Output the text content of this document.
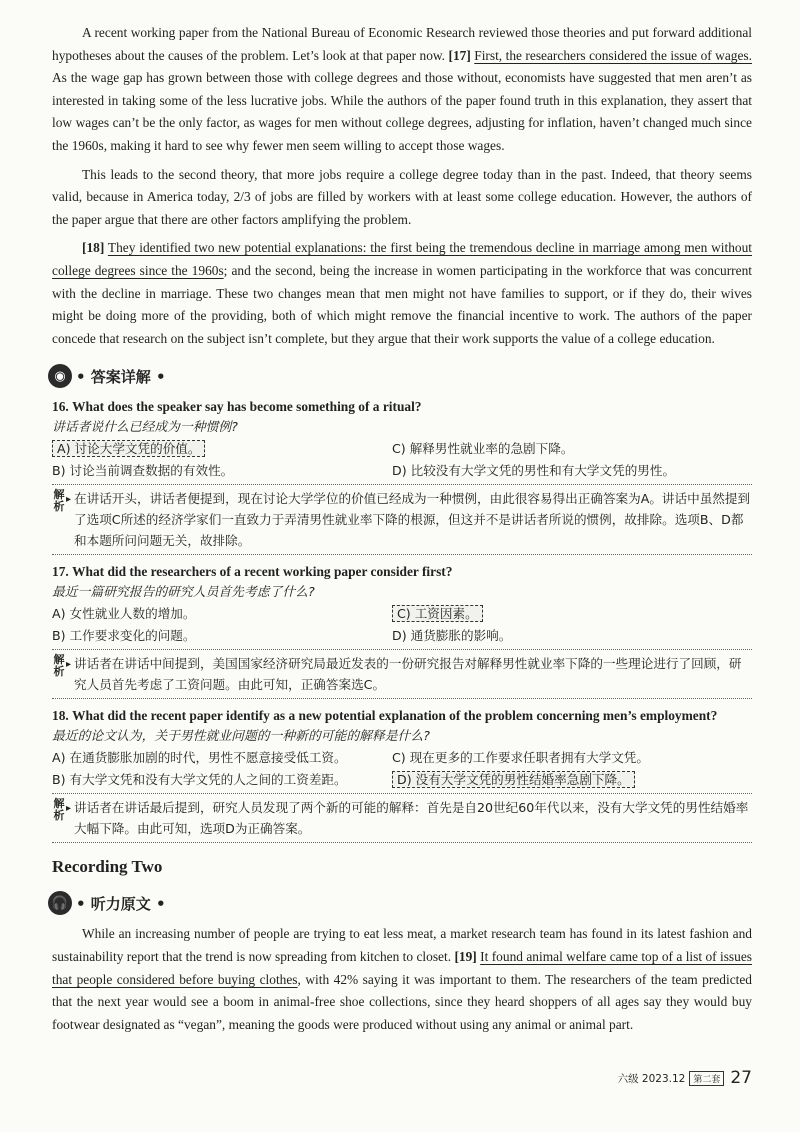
A recent working paper from the National Bureau of Economic Research reviewed those theories and put forward additional hypotheses about the causes of the problem. Let’s look at that paper now. [17] First, the researchers considered the issue of wages. As the wage gap has grown between those with college degrees and those without, economists have suggested that men aren’t as interested in taking some of the less lucrative jobs. While the authors of the paper found truth in this explanation, they assert that low wages can’t be the only factor, as wages for men without college degrees, adjusting for inflation, haven’t changed much since the 1960s, making it hard to see why fewer men seem willing to accept those wages.

This leads to the second theory, that more jobs require a college degree today than in the past. Indeed, that theory seems valid, because in America today, 2/3 of jobs are filled by workers with at least some college education. However, the authors of the paper argue that there are other factors amplifying the problem.

[18] They identified two new potential explanations: the first being the tremendous decline in marriage among men without college degrees since the 1960s; and the second, being the increase in women participating in the workforce that was concurrent with the decline in marriage. These two changes mean that men might not have families to support, or if they do, their wives might be doing more of the providing, both of which might remove the financial incentive to work. The authors of the paper concede that research on the subject isn’t complete, but they argue that their work supports the value of a college education.

◉ • 答案详解 •
16. What does the speaker say has become something of a ritual?
讲话者说什么已经成为一种惯例?
A) 讨论大学文凭的价值。	C) 解释男性就业率的急剧下降。
B) 讨论当前调查数据的有效性。	D) 比较没有大学文凭的男性和有大学文凭的男性。
解
析
▸ 在讲话开头，讲话者便提到，现在讨论大学学位的价值已经成为一种惯例，由此很容易得出正确答案为A。讲话中虽然提到了选项C所述的经济学家们一直致力于弄清男性就业率下降的根源，但这并不是讲话者所说的惯例，故排除。选项B、D都和本题所问问题无关，故排除。
17. What did the researchers of a recent working paper consider first?
最近一篇研究报告的研究人员首先考虑了什么?
A) 女性就业人数的增加。	C) 工资因素。
B) 工作要求变化的问题。	D) 通货膨胀的影响。
解
析
▸ 讲话者在讲话中间提到，美国国家经济研究局最近发表的一份研究报告对解释男性就业率下降的一些理论进行了回顾，研究人员首先考虑了工资问题。由此可知，正确答案选C。
18. What did the recent paper identify as a new potential explanation of the problem concerning men’s employment?
最近的论文认为，关于男性就业问题的一种新的可能的解释是什么?
A) 在通货膨胀加剧的时代，男性不愿意接受低工资。	C) 现在更多的工作要求任职者拥有大学文凭。
B) 有大学文凭和没有大学文凭的人之间的工资差距。	D) 没有大学文凭的男性结婚率急剧下降。
解
析
▸ 讲话者在讲话最后提到，研究人员发现了两个新的可能的解释：首先是自20世纪60年代以来，没有大学文凭的男性结婚率大幅下降。由此可知，选项D为正确答案。
Recording Two
🎧 • 听力原文 •

While an increasing number of people are trying to eat less meat, a market research team has found in its latest fashion and sustainability report that the trend is now spreading from kitchen to closet. [19] It found animal welfare came top of a list of issues that people considered before buying clothes, with 42% saying it was important to them. The researchers of the team predicted that the next year would see a boom in animal-free shoe collections, since they heard shoppers of all ages say they would buy footwear designated as “vegan”, meaning the goods were produced without using any animal or animal part.

六级 2023.12 第二套 27
